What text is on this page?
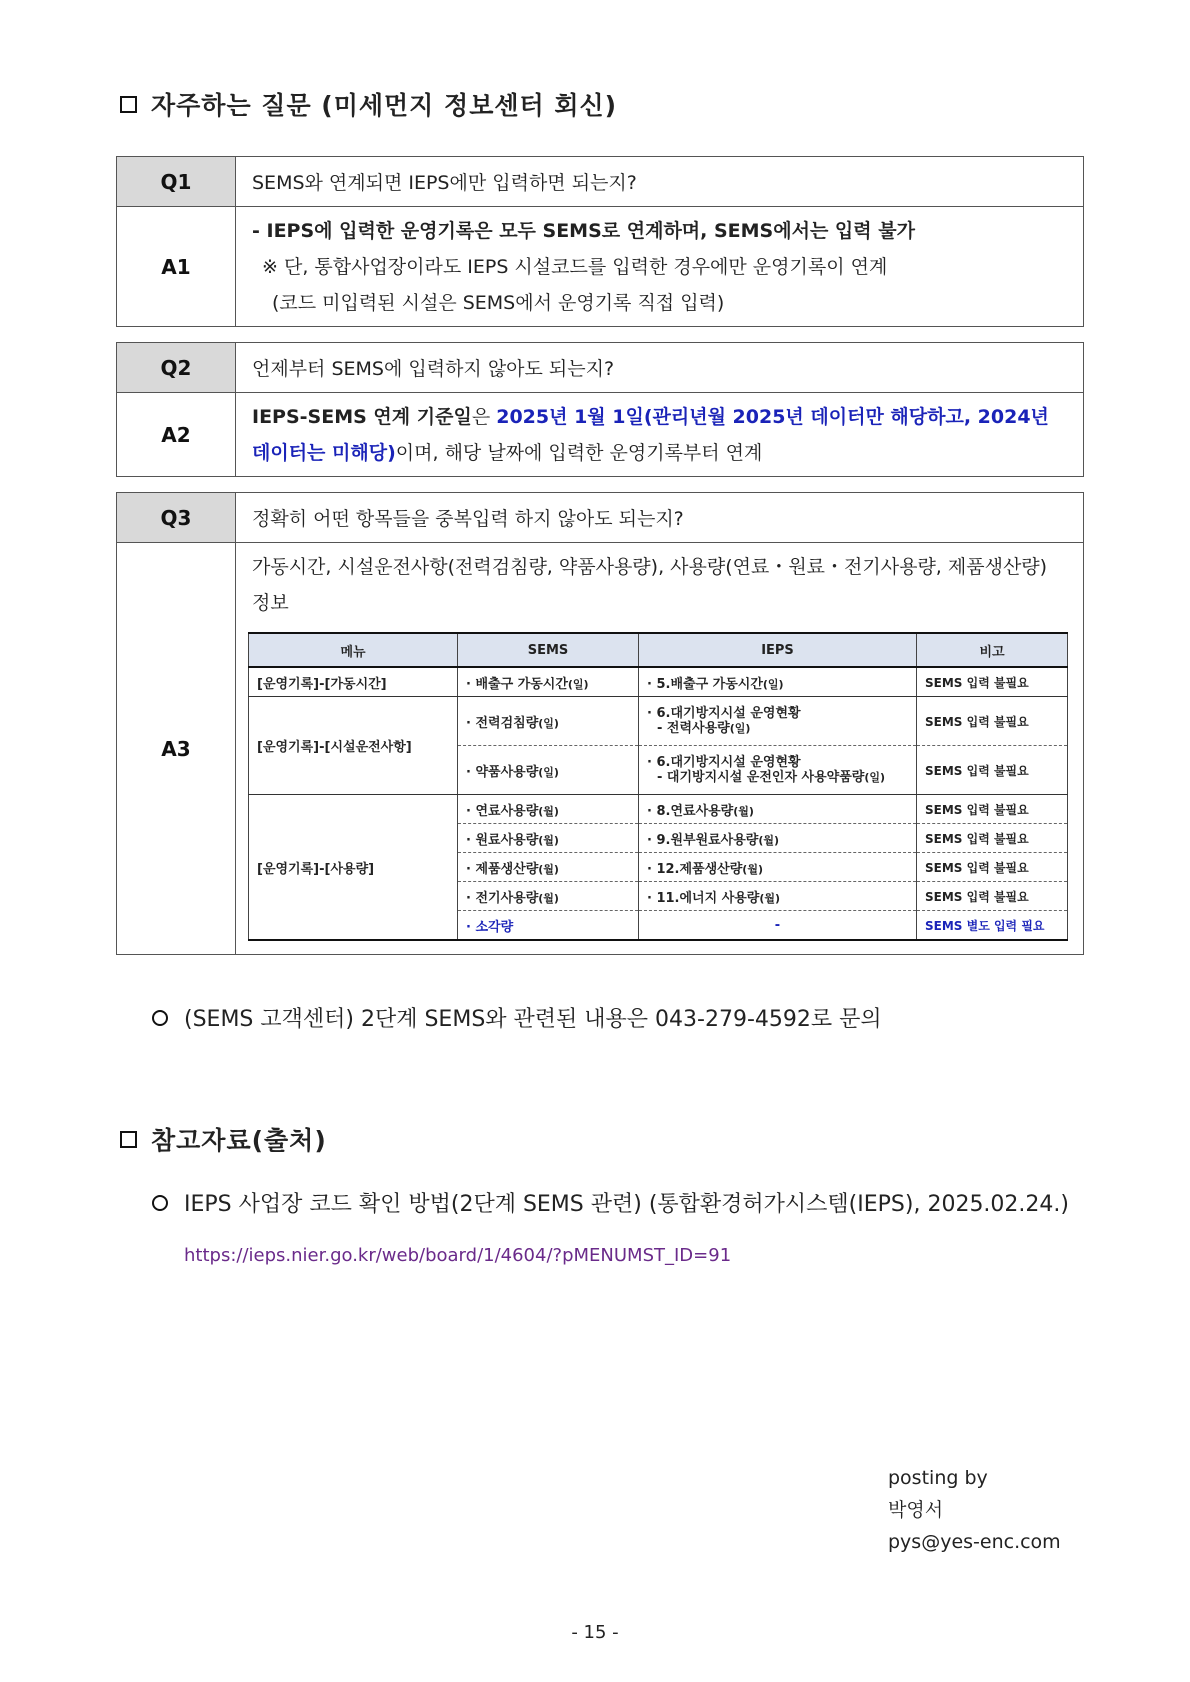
자주하는 질문 (미세먼지 정보센터 회신)
Q1	SEMS와 연계되면 IEPS에만 입력하면 되는지?
A1	- IEPS에 입력한 운영기록은 모두 SEMS로 연계하며, SEMS에서는 입력 불가
※ 단, 통합사업장이라도 IEPS 시설코드를 입력한 경우에만 운영기록이 연계
(코드 미입력된 시설은 SEMS에서 운영기록 직접 입력)
Q2	언제부터 SEMS에 입력하지 않아도 되는지?
A2	IEPS-SEMS 연계 기준일은 2025년 1월 1일(관리년월 2025년 데이터만 해당하고, 2024년 데이터는 미해당)이며, 해당 날짜에 입력한 운영기록부터 연계
Q3	정확히 어떤 항목들을 중복입력 하지 않아도 되는지?
A3	가동시간, 시설운전사항(전력검침량, 약품사용량), 사용량(연료・원료・전기사용량, 제품생산량) 정보
메뉴	SEMS	IEPS	비고
[운영기록]-[가동시간]	· 배출구 가동시간(일)	· 5.배출구 가동시간(일)	SEMS 입력 불필요
[운영기록]-[시설운전사항]	· 전력검침량(일)	· 6.대기방지시설 운영현황
- 전력사용량(일)	SEMS 입력 불필요
	· 약품사용량(일)	· 6.대기방지시설 운영현황
- 대기방지시설 운전인자 사용약품량(일)	SEMS 입력 불필요
[운영기록]-[사용량]	· 연료사용량(월)	· 8.연료사용량(월)	SEMS 입력 불필요
	· 원료사용량(월)	· 9.원부원료사용량(월)	SEMS 입력 불필요
	· 제품생산량(월)	· 12.제품생산량(월)	SEMS 입력 불필요
	· 전기사용량(월)	· 11.에너지 사용량(월)	SEMS 입력 불필요
	· 소각량	-	SEMS 별도 입력 필요
(SEMS 고객센터) 2단계 SEMS와 관련된 내용은 043-279-4592로 문의
참고자료(출처)
IEPS 사업장 코드 확인 방법(2단계 SEMS 관련) (통합환경허가시스템(IEPS), 2025.02.24.)
https://ieps.nier.go.kr/web/board/1/4604/?pMENUMST_ID=91
posting by
박영서
pys@yes-enc.com
- 15 -
